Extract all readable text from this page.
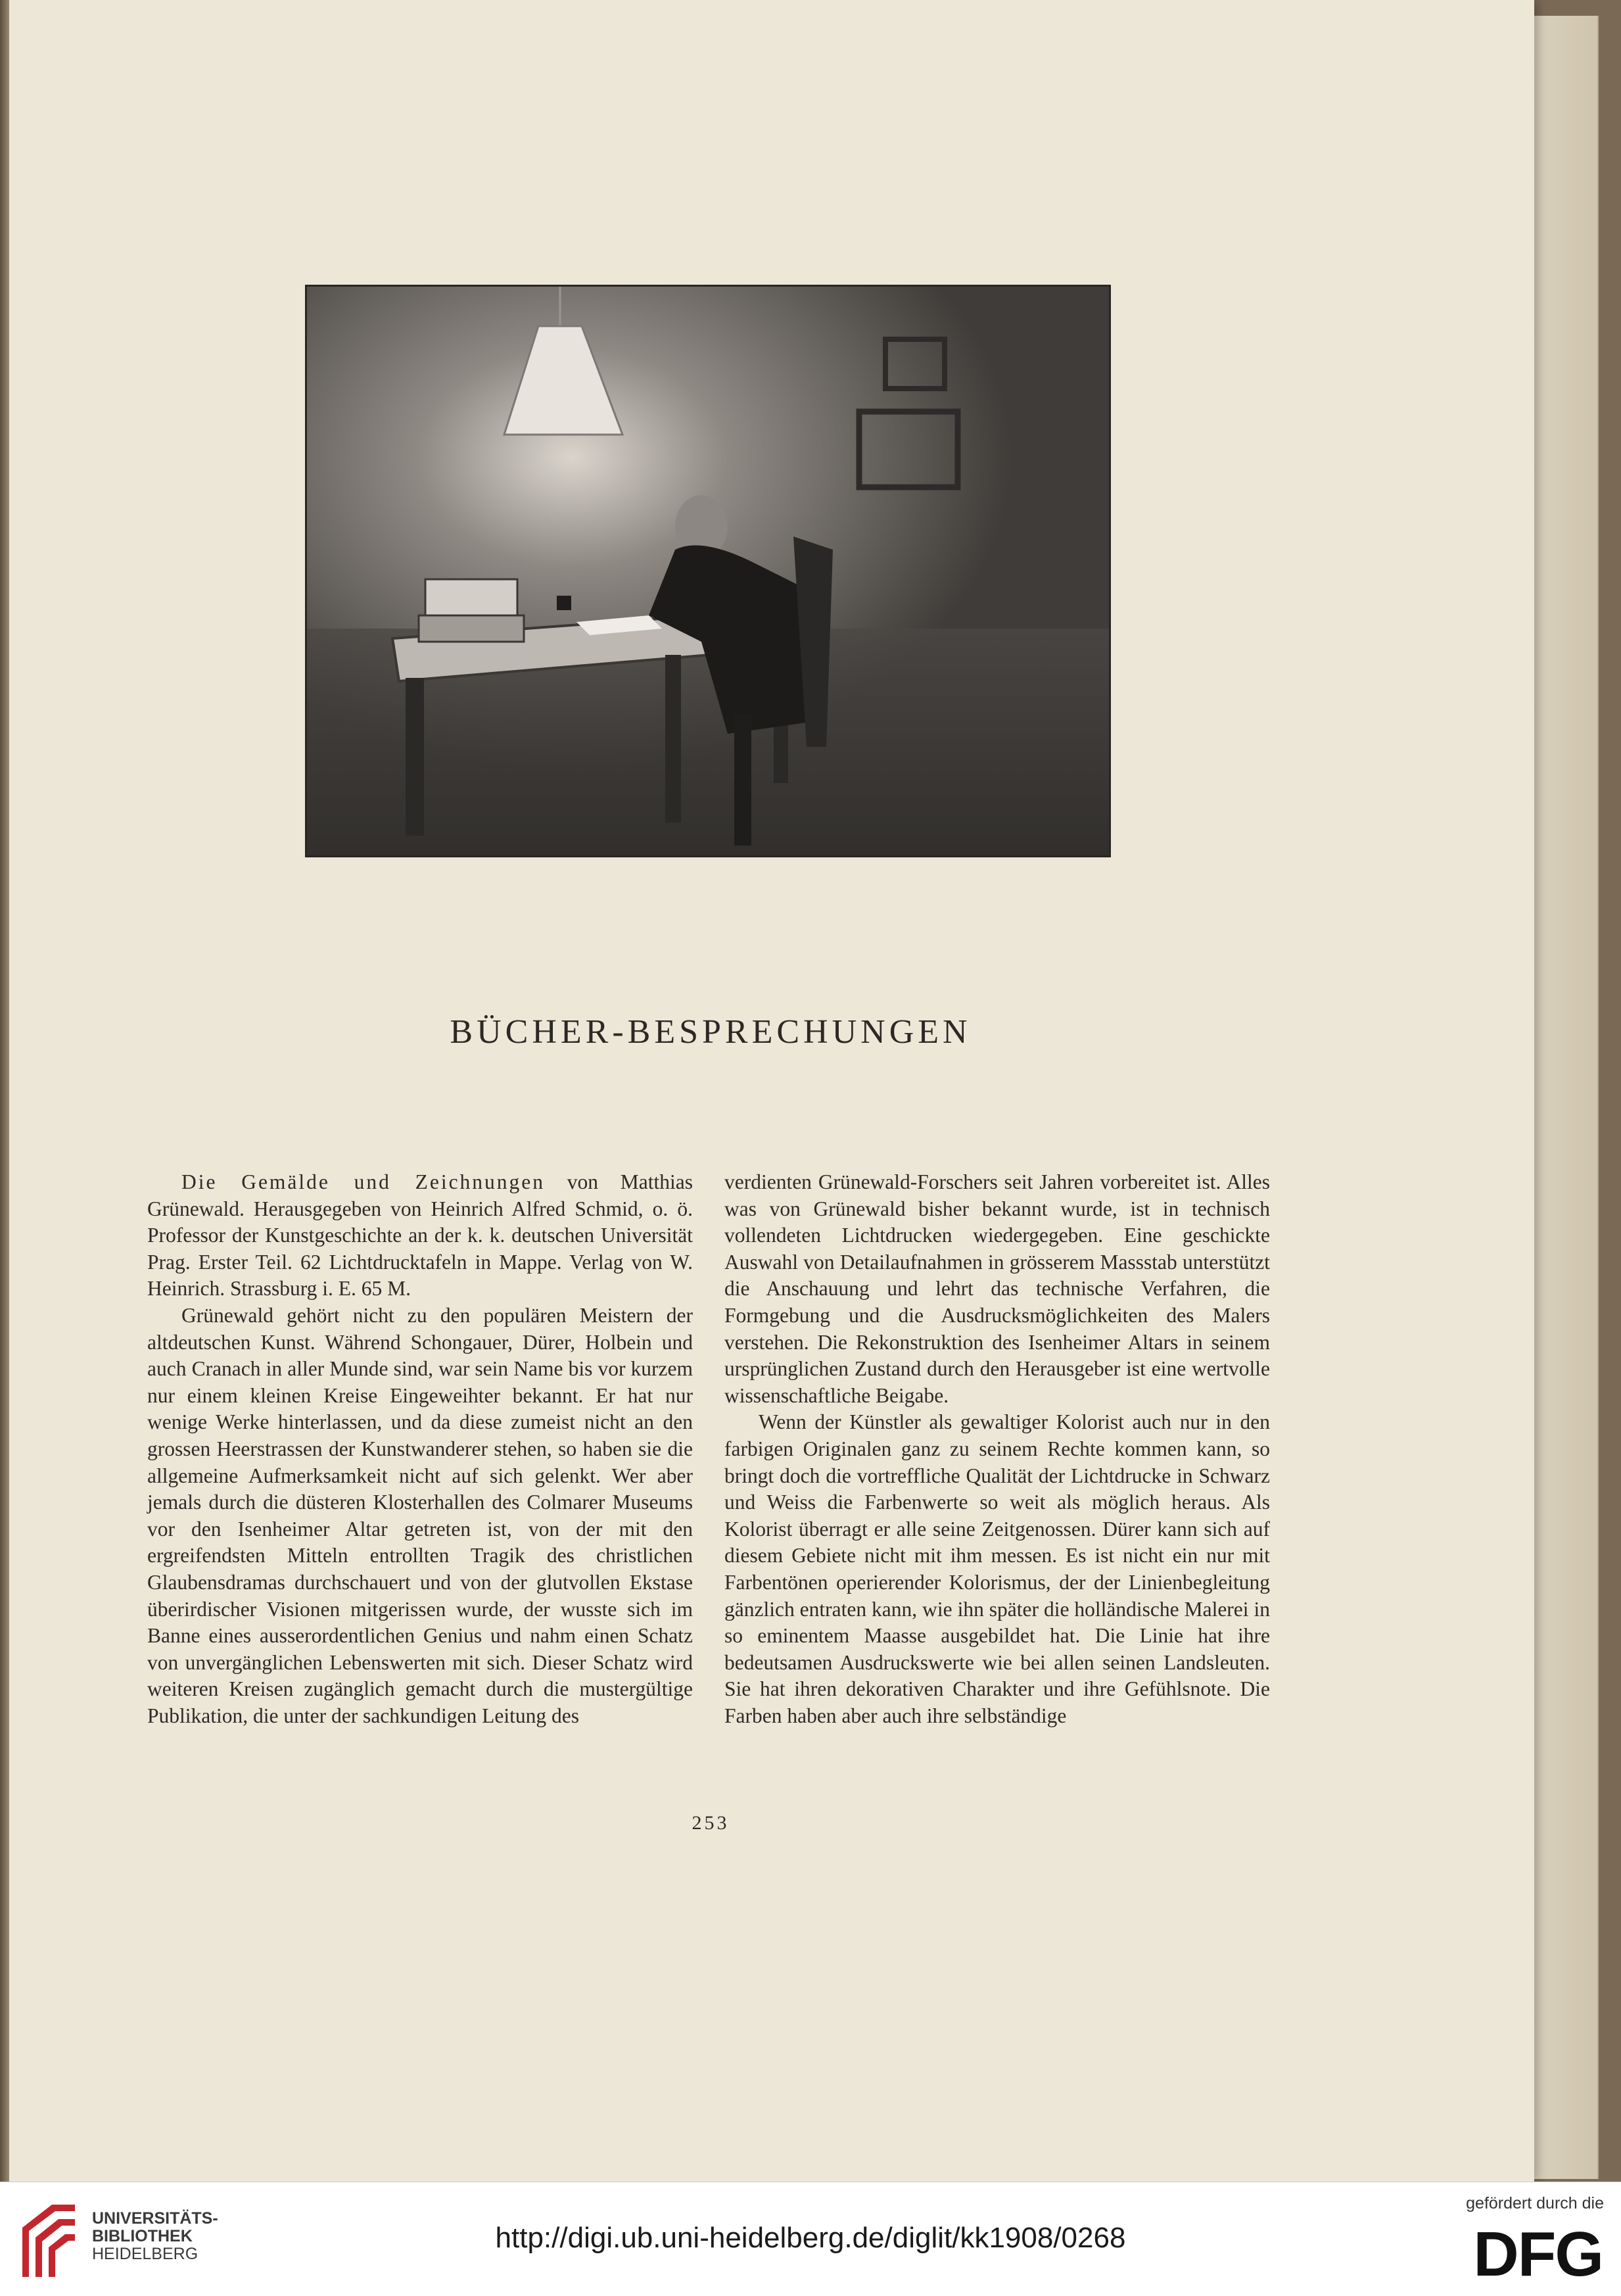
BÜCHER-BESPRECHUNGEN

Die Gemälde und Zeichnungen von Matthias Grünewald. Herausgegeben von Heinrich Alfred Schmid, o. ö. Professor der Kunstgeschichte an der k. k. deutschen Universität Prag. Erster Teil. 62 Lichtdrucktafeln in Mappe. Verlag von W. Heinrich. Strassburg i. E. 65 M.

Grünewald gehört nicht zu den populären Meistern der altdeutschen Kunst. Während Schongauer, Dürer, Holbein und auch Cranach in aller Munde sind, war sein Name bis vor kurzem nur einem kleinen Kreise Eingeweihter bekannt. Er hat nur wenige Werke hinterlassen, und da diese zumeist nicht an den grossen Heerstrassen der Kunstwanderer stehen, so haben sie die allgemeine Aufmerksamkeit nicht auf sich gelenkt. Wer aber jemals durch die düsteren Klosterhallen des Colmarer Museums vor den Isenheimer Altar getreten ist, von der mit den ergreifendsten Mitteln entrollten Tragik des christlichen Glaubensdramas durchschauert und von der glutvollen Ekstase überirdischer Visionen mitgerissen wurde, der wusste sich im Banne eines ausserordentlichen Genius und nahm einen Schatz von unvergänglichen Lebenswerten mit sich. Dieser Schatz wird weiteren Kreisen zugänglich gemacht durch die mustergültige Publikation, die unter der sachkundigen Leitung des

verdienten Grünewald-Forschers seit Jahren vorbereitet ist. Alles was von Grünewald bisher bekannt wurde, ist in technisch vollendeten Lichtdrucken wiedergegeben. Eine geschickte Auswahl von Detailaufnahmen in grösserem Massstab unterstützt die Anschauung und lehrt das technische Verfahren, die Formgebung und die Ausdrucksmöglichkeiten des Malers verstehen. Die Rekonstruktion des Isenheimer Altars in seinem ursprünglichen Zustand durch den Herausgeber ist eine wertvolle wissenschaftliche Beigabe.

Wenn der Künstler als gewaltiger Kolorist auch nur in den farbigen Originalen ganz zu seinem Rechte kommen kann, so bringt doch die vortreffliche Qualität der Lichtdrucke in Schwarz und Weiss die Farbenwerte so weit als möglich heraus. Als Kolorist überragt er alle seine Zeitgenossen. Dürer kann sich auf diesem Gebiete nicht mit ihm messen. Es ist nicht ein nur mit Farbentönen operierender Kolorismus, der der Linienbegleitung gänzlich entraten kann, wie ihn später die holländische Malerei in so eminentem Maasse ausgebildet hat. Die Linie hat ihre bedeutsamen Ausdruckswerte wie bei allen seinen Landsleuten. Sie hat ihren dekorativen Charakter und ihre Gefühlsnote. Die Farben haben aber auch ihre selbständige

253
UNIVERSITÄTS-
BIBLIOTHEK
HEIDELBERG	http://digi.ub.uni-heidelberg.de/diglit/kk1908/0268
gefördert durch die
DFG
